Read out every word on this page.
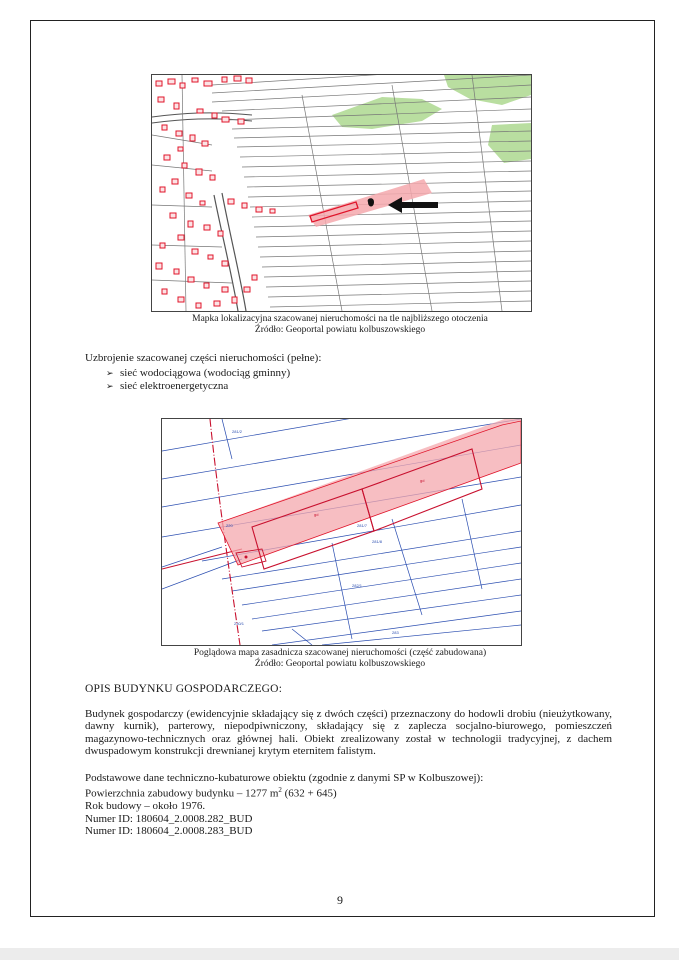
Mapka lokalizacyjna szacowanej nieruchomości na tle najbliższego otoczenia
Źródło: Geoportal powiatu kolbuszowskiego
Uzbrojenie szacowanej części nieruchomości (pełne):
➢ sieć wodociągowa (wodociąg gminny)
➢ sieć elektroenergetyczna
281/2
281/7
281/8
282/1
230/1
283
220
gd
gd
Poglądowa mapa zasadnicza szacowanej nieruchomości (część zabudowana)
Źródło: Geoportal powiatu kolbuszowskiego
OPIS BUDYNKU GOSPODARCZEGO:
Budynek gospodarczy (ewidencyjnie składający się z dwóch części) przeznaczony do hodowli drobiu (nieużytkowany, dawny kurnik), parterowy, niepodpiwniczony, składający się z zaplecza socjalno-biurowego, pomieszczeń magazynowo-technicznych oraz głównej hali. Obiekt zrealizowany został w technologii tradycyjnej, z dachem dwuspadowym konstrukcji drewnianej krytym eternitem falistym.
Podstawowe dane techniczno-kubaturowe obiektu (zgodnie z danymi SP w Kolbuszowej):
Powierzchnia zabudowy budynku – 1277 $m^2$ (632 + 645)
Rok budowy – około 1976.
Numer ID: 180604_2.0008.282_BUD
Numer ID: 180604_2.0008.283_BUD
9
